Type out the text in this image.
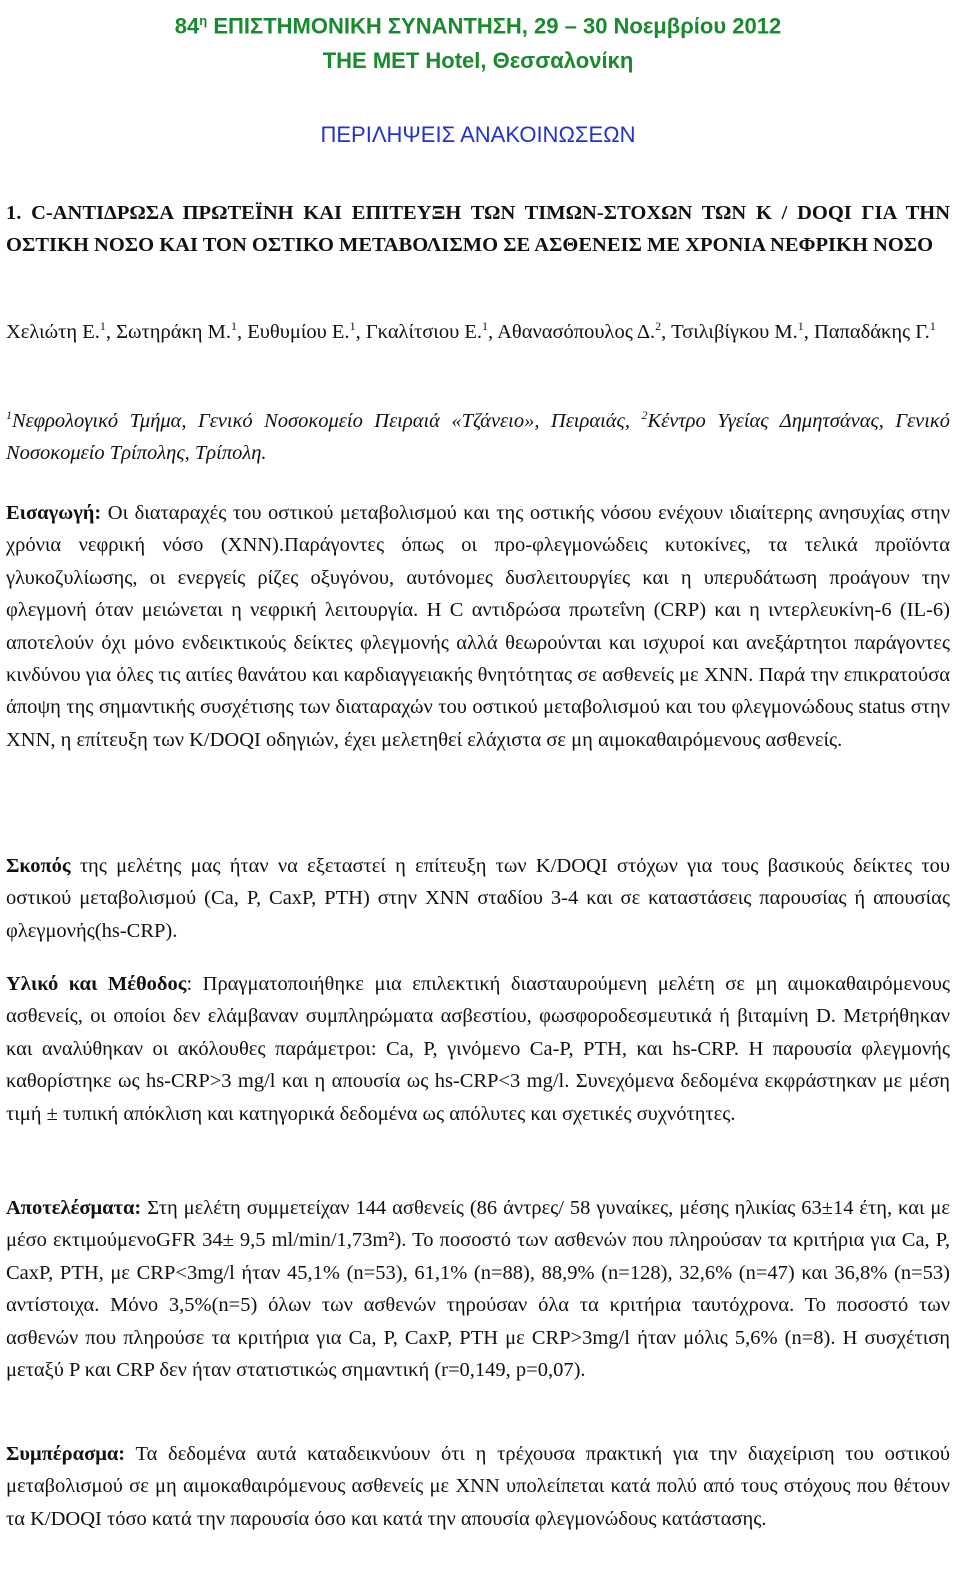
$84^\eta$ ΕΠΙΣΤΗΜΟΝΙΚΗ ΣΥΝΑΝΤΗΣΗ, 29 – 30 Νοεμβρίου 2012
THE MET Hotel, Θεσσαλονίκη
ΠΕΡΙΛΗΨΕΙΣ ΑΝΑΚΟΙΝΩΣΕΩΝ
1. C-ΑΝΤΙΔΡΩΣΑ ΠΡΩΤΕΪΝΗ ΚΑΙ ΕΠΙΤΕΥΞΗ ΤΩΝ ΤΙΜΩΝ-ΣΤΟΧΩΝ ΤΩΝ K / DOQI ΓΙΑ ΤΗΝ ΟΣΤΙΚΗ ΝΟΣΟ ΚΑΙ ΤΟΝ ΟΣΤΙΚΟ ΜΕΤΑΒΟΛΙΣΜΟ ΣΕ ΑΣΘΕΝΕΙΣ ΜΕ ΧΡΟΝΙΑ ΝΕΦΡΙΚΗ ΝΟΣΟ
Χελιώτη Ε.$^1$, Σωτηράκη Μ.$^1$, Ευθυμίου Ε.$^1$, Γκαλίτσιου Ε.$^1$, Αθανασόπουλος Δ.$^2$, Τσιλιβίγκου Μ.$^1$, Παπαδάκης Γ.$^1$
$^1$Νεφρολογικό Τμήμα, Γενικό Νοσοκομείο Πειραιά «Τζάνειο», Πειραιάς, $^2$Κέντρο Υγείας Δημητσάνας, Γενικό Νοσοκομείο Τρίπολης, Τρίπολη.
Εισαγωγή: Οι διαταραχές του οστικού μεταβολισμού και της οστικής νόσου ενέχουν ιδιαίτερης ανησυχίας στην χρόνια νεφρική νόσο (ΧΝΝ).Παράγοντες όπως οι προ-φλεγμονώδεις κυτοκίνες, τα τελικά προϊόντα γλυκοζυλίωσης, οι ενεργείς ρίζες οξυγόνου, αυτόνομες δυσλειτουργίες και η υπερυδάτωση προάγουν την φλεγμονή όταν μειώνεται η νεφρική λειτουργία. Η C αντιδρώσα πρωτεΐνη (CRP) και η ιντερλευκίνη-6 (IL-6) αποτελούν όχι μόνο ενδεικτικούς δείκτες φλεγμονής αλλά θεωρούνται και ισχυροί και ανεξάρτητοι παράγοντες κινδύνου για όλες τις αιτίες θανάτου και καρδιαγγειακής θνητότητας σε ασθενείς με ΧΝΝ. Παρά την επικρατούσα άποψη της σημαντικής συσχέτισης των διαταραχών του οστικού μεταβολισμού και του φλεγμονώδους status στην ΧΝΝ, η επίτευξη των K/DOQI οδηγιών, έχει μελετηθεί ελάχιστα σε μη αιμοκαθαιρόμενους ασθενείς.
Σκοπός της μελέτης μας ήταν να εξεταστεί η επίτευξη των K/DOQI στόχων για τους βασικούς δείκτες του οστικού μεταβολισμού (Ca, P, CaxP, PTH) στην ΧΝΝ σταδίου 3-4 και σε καταστάσεις παρουσίας ή απουσίας φλεγμονής(hs-CRP).
Υλικό και Μέθοδος: Πραγματοποιήθηκε μια επιλεκτική διασταυρούμενη μελέτη σε μη αιμοκαθαιρόμενους ασθενείς, οι οποίοι δεν ελάμβαναν συμπληρώματα ασβεστίου, φωσφοροδεσμευτικά ή βιταμίνη D. Μετρήθηκαν και αναλύθηκαν οι ακόλουθες παράμετροι: Ca, P, γινόμενο Ca-P, PTH, και hs-CRP. Η παρουσία φλεγμονής καθορίστηκε ως hs-CRP>3 mg/l και η απουσία ως hs-CRP<3 mg/l. Συνεχόμενα δεδομένα εκφράστηκαν με μέση τιμή ± τυπική απόκλιση και κατηγορικά δεδομένα ως απόλυτες και σχετικές συχνότητες.
Αποτελέσματα: Στη μελέτη συμμετείχαν 144 ασθενείς (86 άντρες/ 58 γυναίκες, μέσης ηλικίας 63±14 έτη, και με μέσο εκτιμούμενοGFR 34± 9,5 ml/min/1,73m²). Το ποσοστό των ασθενών που πληρούσαν τα κριτήρια για Ca, P, CaxP, PTH, με CRP<3mg/l ήταν 45,1% (n=53), 61,1% (n=88), 88,9% (n=128), 32,6% (n=47) και 36,8% (n=53) αντίστοιχα. Μόνο 3,5%(n=5) όλων των ασθενών τηρούσαν όλα τα κριτήρια ταυτόχρονα. Το ποσοστό των ασθενών που πληρούσε τα κριτήρια για Ca, P, CaxP, PTH με CRP>3mg/l ήταν μόλις 5,6% (n=8). Η συσχέτιση μεταξύ P και CRP δεν ήταν στατιστικώς σημαντική (r=0,149, p=0,07).
Συμπέρασμα: Τα δεδομένα αυτά καταδεικνύουν ότι η τρέχουσα πρακτική για την διαχείριση του οστικού μεταβολισμού σε μη αιμοκαθαιρόμενους ασθενείς με ΧΝΝ υπολείπεται κατά πολύ από τους στόχους που θέτουν τα K/DOQI τόσο κατά την παρουσία όσο και κατά την απουσία φλεγμονώδους κατάστασης.
